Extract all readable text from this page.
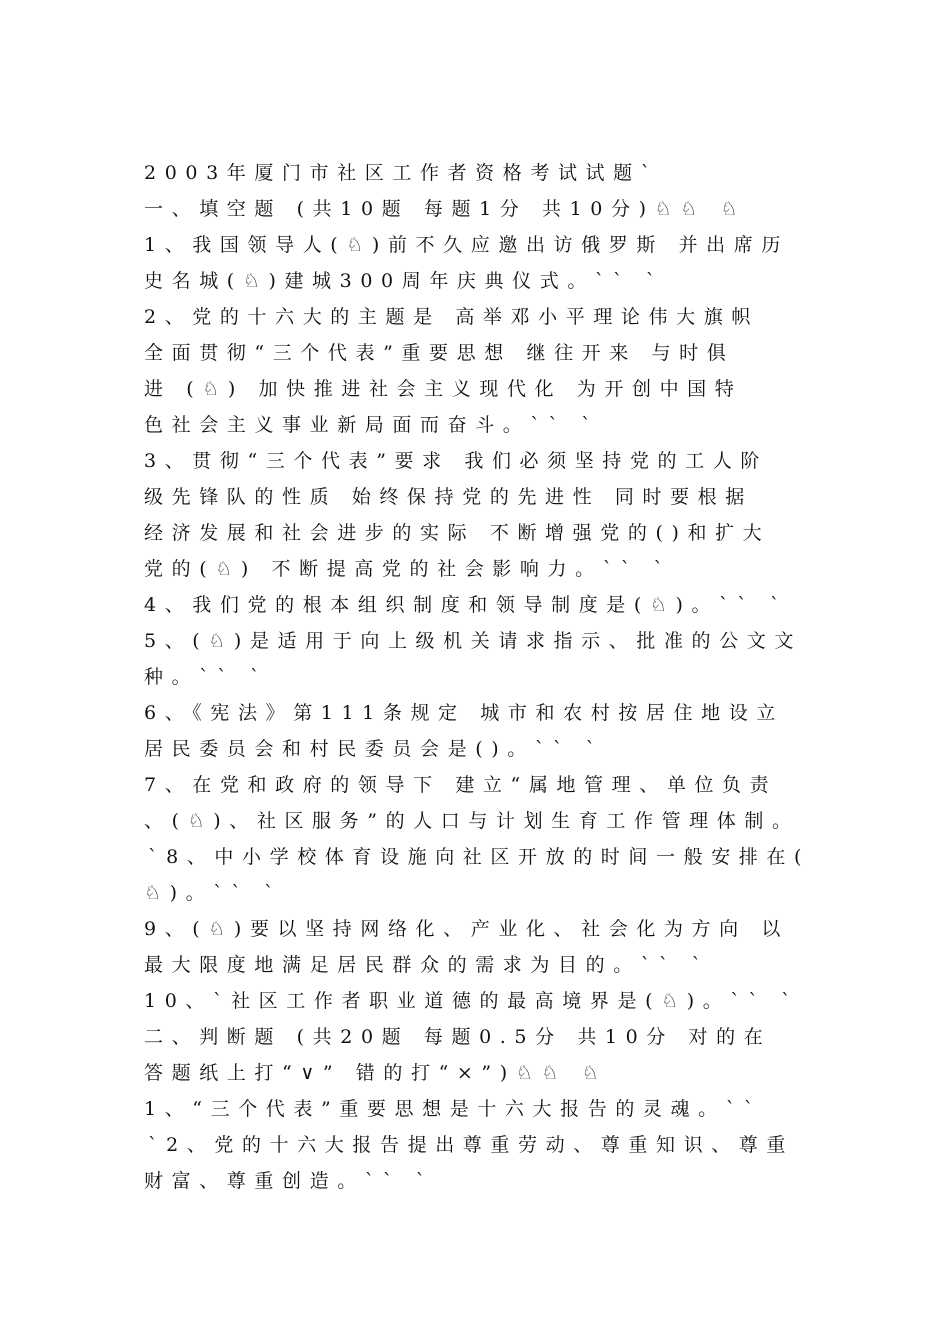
2003年厦门市社区工作者资格考试试题`
一、填空题 (共10题 每题1分 共10分)♘♘ ♘
1、我国领导人(♘)前不久应邀出访俄罗斯 并出席历
史名城(♘)建城300周年庆典仪式。`` `
2、党的十六大的主题是 高举邓小平理论伟大旗帜
全面贯彻“三个代表”重要思想 继往开来 与时俱
进 (♘) 加快推进社会主义现代化 为开创中国特
色社会主义事业新局面而奋斗。`` `
3、贯彻“三个代表”要求 我们必须坚持党的工人阶
级先锋队的性质 始终保持党的先进性 同时要根据
经济发展和社会进步的实际 不断增强党的()和扩大
党的(♘) 不断提高党的社会影响力。`` `
4、我们党的根本组织制度和领导制度是(♘)。`` `
5、(♘)是适用于向上级机关请求指示、批准的公文文
种。`` `
6、《宪法》第111条规定 城市和农村按居住地设立
居民委员会和村民委员会是()。`` `
7、在党和政府的领导下 建立“属地管理、单位负责
、(♘)、社区服务”的人口与计划生育工作管理体制。
`8、中小学校体育设施向社区开放的时间一般安排在(
♘)。`` `
9、(♘)要以坚持网络化、产业化、社会化为方向 以
最大限度地满足居民群众的需求为目的。`` `
10、`社区工作者职业道德的最高境界是(♘)。`` `
二、判断题 (共20题 每题0.5分 共10分 对的在
答题纸上打“∨” 错的打“×”)♘♘ ♘
1、“三个代表”重要思想是十六大报告的灵魂。``
`2、党的十六大报告提出尊重劳动、尊重知识、尊重
财富、尊重创造。`` `
